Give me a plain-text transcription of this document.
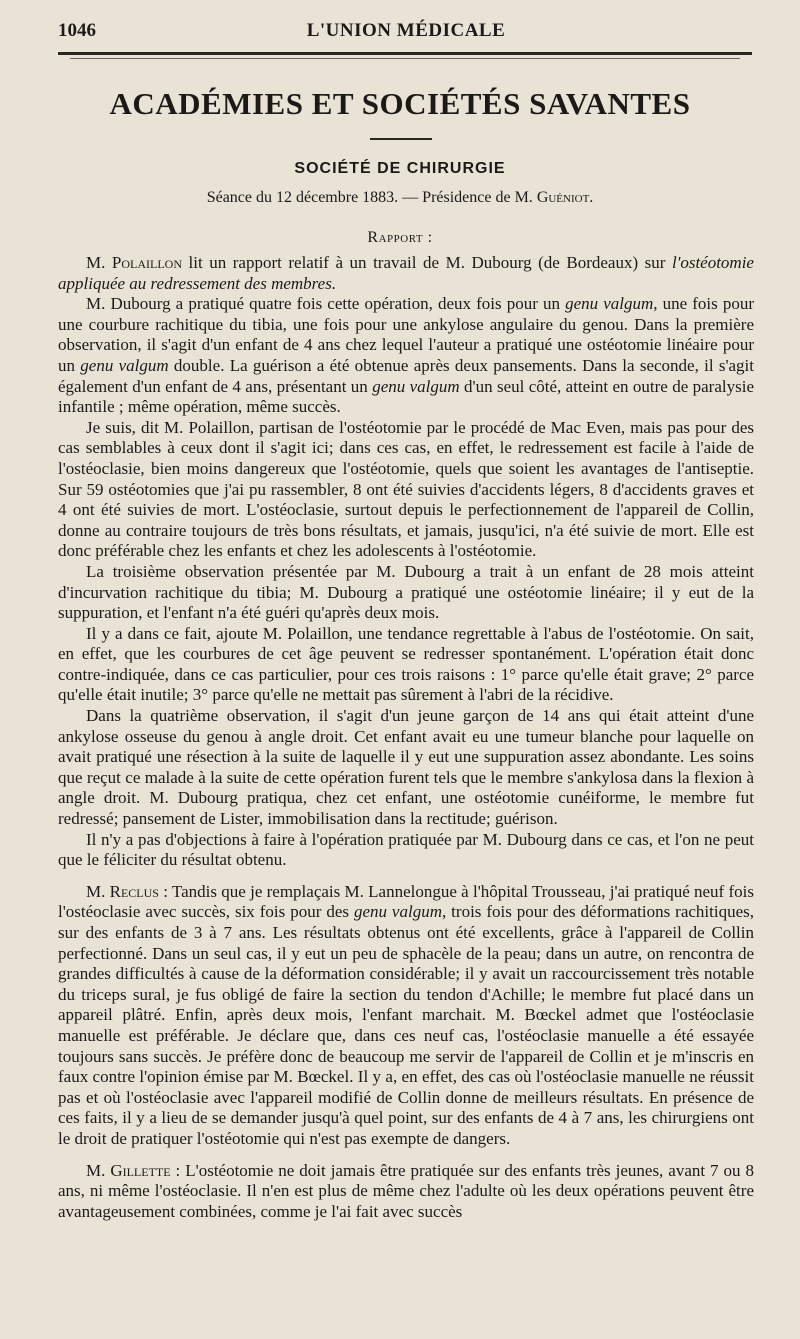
1046	L'UNION MÉDICALE
ACADÉMIES ET SOCIÉTÉS SAVANTES
SOCIÉTÉ DE CHIRURGIE
Séance du 12 décembre 1883. — Présidence de M. Guéniot.
Rapport :

M. Polaillon lit un rapport relatif à un travail de M. Dubourg (de Bordeaux) sur l'ostéotomie appliquée au redressement des membres.

M. Dubourg a pratiqué quatre fois cette opération, deux fois pour un genu valgum, une fois pour une courbure rachitique du tibia, une fois pour une ankylose angulaire du genou. Dans la première observation, il s'agit d'un enfant de 4 ans chez lequel l'auteur a pratiqué une ostéotomie linéaire pour un genu valgum double. La guérison a été obtenue après deux pansements. Dans la seconde, il s'agit également d'un enfant de 4 ans, présentant un genu valgum d'un seul côté, atteint en outre de paralysie infantile ; même opération, même succès.

Je suis, dit M. Polaillon, partisan de l'ostéotomie par le procédé de Mac Even, mais pas pour des cas semblables à ceux dont il s'agit ici; dans ces cas, en effet, le redressement est facile à l'aide de l'ostéoclasie, bien moins dangereux que l'ostéotomie, quels que soient les avantages de l'antiseptie. Sur 59 ostéotomies que j'ai pu rassembler, 8 ont été suivies d'accidents légers, 8 d'accidents graves et 4 ont été suivies de mort. L'ostéoclasie, surtout depuis le perfectionnement de l'appareil de Collin, donne au contraire toujours de très bons résultats, et jamais, jusqu'ici, n'a été suivie de mort. Elle est donc préférable chez les enfants et chez les adolescents à l'ostéotomie.

La troisième observation présentée par M. Dubourg a trait à un enfant de 28 mois atteint d'incurvation rachitique du tibia; M. Dubourg a pratiqué une ostéotomie linéaire; il y eut de la suppuration, et l'enfant n'a été guéri qu'après deux mois.

Il y a dans ce fait, ajoute M. Polaillon, une tendance regrettable à l'abus de l'ostéotomie. On sait, en effet, que les courbures de cet âge peuvent se redresser spontanément. L'opération était donc contre-indiquée, dans ce cas particulier, pour ces trois raisons : 1° parce qu'elle était grave; 2° parce qu'elle était inutile; 3° parce qu'elle ne mettait pas sûrement à l'abri de la récidive.

Dans la quatrième observation, il s'agit d'un jeune garçon de 14 ans qui était atteint d'une ankylose osseuse du genou à angle droit. Cet enfant avait eu une tumeur blanche pour laquelle on avait pratiqué une résection à la suite de laquelle il y eut une suppuration assez abondante. Les soins que reçut ce malade à la suite de cette opération furent tels que le membre s'ankylosa dans la flexion à angle droit. M. Dubourg pratiqua, chez cet enfant, une ostéotomie cunéiforme, le membre fut redressé; pansement de Lister, immobilisation dans la rectitude; guérison.

Il n'y a pas d'objections à faire à l'opération pratiquée par M. Dubourg dans ce cas, et l'on ne peut que le féliciter du résultat obtenu.

M. Reclus : Tandis que je remplaçais M. Lannelongue à l'hôpital Trousseau, j'ai pratiqué neuf fois l'ostéoclasie avec succès, six fois pour des genu valgum, trois fois pour des déformations rachitiques, sur des enfants de 3 à 7 ans. Les résultats obtenus ont été excellents, grâce à l'appareil de Collin perfectionné. Dans un seul cas, il y eut un peu de sphacèle de la peau; dans un autre, on rencontra de grandes difficultés à cause de la déformation considérable; il y avait un raccourcissement très notable du triceps sural, je fus obligé de faire la section du tendon d'Achille; le membre fut placé dans un appareil plâtré. Enfin, après deux mois, l'enfant marchait. M. Bœckel admet que l'ostéoclasie manuelle est préférable. Je déclare que, dans ces neuf cas, l'ostéoclasie manuelle a été essayée toujours sans succès. Je préfère donc de beaucoup me servir de l'appareil de Collin et je m'inscris en faux contre l'opinion émise par M. Bœckel. Il y a, en effet, des cas où l'ostéoclasie manuelle ne réussit pas et où l'ostéoclasie avec l'appareil modifié de Collin donne de meilleurs résultats. En présence de ces faits, il y a lieu de se demander jusqu'à quel point, sur des enfants de 4 à 7 ans, les chirurgiens ont le droit de pratiquer l'ostéotomie qui n'est pas exempte de dangers.

M. Gillette : L'ostéotomie ne doit jamais être pratiquée sur des enfants très jeunes, avant 7 ou 8 ans, ni même l'ostéoclasie. Il n'en est plus de même chez l'adulte où les deux opérations peuvent être avantageusement combinées, comme je l'ai fait avec succès
